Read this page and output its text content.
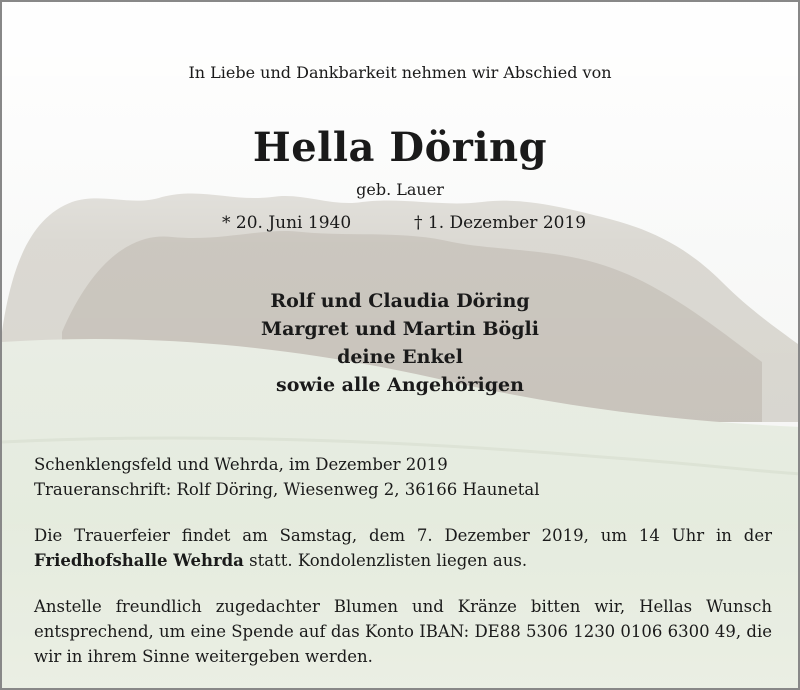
In Liebe und Dankbarkeit nehmen wir Abschied von
Hella Döring
geb. Lauer
* 20. Juni 1940	† 1. Dezember 2019
Rolf und Claudia Döring
Margret und Martin Bögli
deine Enkel
sowie alle Angehörigen
Schenklengsfeld und Wehrda, im Dezember 2019
Traueranschrift: Rolf Döring, Wiesenweg 2, 36166 Haunetal
Die Trauerfeier findet am Samstag, dem 7. Dezember 2019, um 14 Uhr in der Friedhofshalle Wehrda statt. Kondolenzlisten liegen aus.
Anstelle freundlich zugedachter Blumen und Kränze bitten wir, Hellas Wunsch entsprechend, um eine Spende auf das Konto IBAN: DE88 5306 1230 0106 6300 49, die wir in ihrem Sinne weitergeben werden.
